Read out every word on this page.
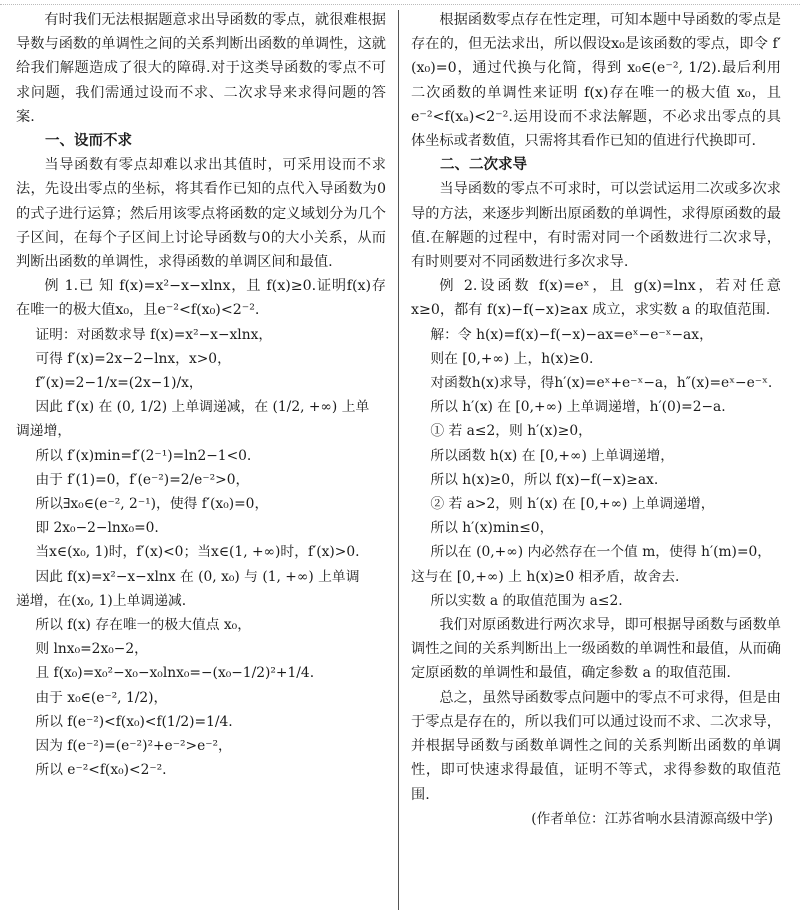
有时我们无法根据题意求出导函数的零点，就很难根据导数与函数的单调性之间的关系判断出函数的单调性，这就给我们解题造成了很大的障碍.对于这类导函数的零点不可求问题，我们需通过设而不求、二次求导来求得问题的答案.

一、设而不求

当导函数有零点却难以求出其值时，可采用设而不求法，先设出零点的坐标，将其看作已知的点代入导函数为0的式子进行运算；然后用该零点将函数的定义域划分为几个子区间，在每个子区间上讨论导函数与0的大小关系，从而判断出函数的单调性，求得函数的单调区间和最值.

例 1.已 知 f(x)=x²−x−xlnx，且 f(x)≥0.证明f(x)存在唯一的极大值x₀，且e⁻²<f(x₀)<2⁻².

证明：对函数求导 f(x)=x²−x−xlnx，
可得 f′(x)=2x−2−lnx，x>0，
f″(x)=2−1/x=(2x−1)/x，
因此 f′(x) 在 (0, 1/2) 上单调递减，在 (1/2, +∞) 上单
调递增，
所以 f′(x)min=f′(2⁻¹)=ln2−1<0.
由于 f′(1)=0，f′(e⁻²)=2/e⁻²>0，
所以∃x₀∈(e⁻², 2⁻¹)，使得 f′(x₀)=0，
即 2x₀−2−lnx₀=0.
当x∈(x₀, 1)时，f′(x)<0；当x∈(1, +∞)时，f′(x)>0.
因此 f(x)=x²−x−xlnx 在 (0, x₀) 与 (1, +∞) 上单调
递增，在(x₀, 1)上单调递减.
所以 f(x) 存在唯一的极大值点 x₀，
则 lnx₀=2x₀−2，
且 f(x₀)=x₀²−x₀−x₀lnx₀=−(x₀−1/2)²+1/4.
由于 x₀∈(e⁻², 1/2)，
所以 f(e⁻²)<f(x₀)<f(1/2)=1/4.
因为 f(e⁻²)=(e⁻²)²+e⁻²>e⁻²，
所以 e⁻²<f(x₀)<2⁻².

根据函数零点存在性定理，可知本题中导函数的零点是存在的，但无法求出，所以假设x₀是该函数的零点，即令 f′(x₀)=0，通过代换与化简，得到 x₀∈(e⁻², 1/2).最后利用二次函数的单调性来证明 f(x)存在唯一的极大值 x₀，且 e⁻²<f(xₐ)<2⁻².运用设而不求法解题，不必求出零点的具体坐标或者数值，只需将其看作已知的值进行代换即可.

二、二次求导

当导函数的零点不可求时，可以尝试运用二次或多次求导的方法，来逐步判断出原函数的单调性，求得原函数的最值.在解题的过程中，有时需对同一个函数进行二次求导，有时则要对不同函数进行多次求导.

例 2.设函数 f(x)=eˣ，且 g(x)=lnx，若对任意 x≥0，都有 f(x)−f(−x)≥ax 成立，求实数 a 的取值范围.

解：令 h(x)=f(x)−f(−x)−ax=eˣ−e⁻ˣ−ax，
则在 [0,+∞) 上，h(x)≥0.
对函数h(x)求导，得h′(x)=eˣ+e⁻ˣ−a，h″(x)=eˣ−e⁻ˣ.
所以 h′(x) 在 [0,+∞) 上单调递增，h′(0)=2−a.
① 若 a≤2，则 h′(x)≥0，
所以函数 h(x) 在 [0,+∞) 上单调递增，
所以 h(x)≥0，所以 f(x)−f(−x)≥ax.
② 若 a>2，则 h′(x) 在 [0,+∞) 上单调递增，
所以 h′(x)min≤0，
所以在 (0,+∞) 内必然存在一个值 m，使得 h′(m)=0，
这与在 [0,+∞) 上 h(x)≥0 相矛盾，故舍去.
所以实数 a 的取值范围为 a≤2.

我们对原函数进行两次求导，即可根据导函数与函数单调性之间的关系判断出上一级函数的单调性和最值，从而确定原函数的单调性和最值，确定参数 a 的取值范围.

总之，虽然导函数零点问题中的零点不可求得，但是由于零点是存在的，所以我们可以通过设而不求、二次求导，并根据导函数与函数单调性之间的关系判断出函数的单调性，即可快速求得最值，证明不等式，求得参数的取值范围.

(作者单位：江苏省响水县清源高级中学)
